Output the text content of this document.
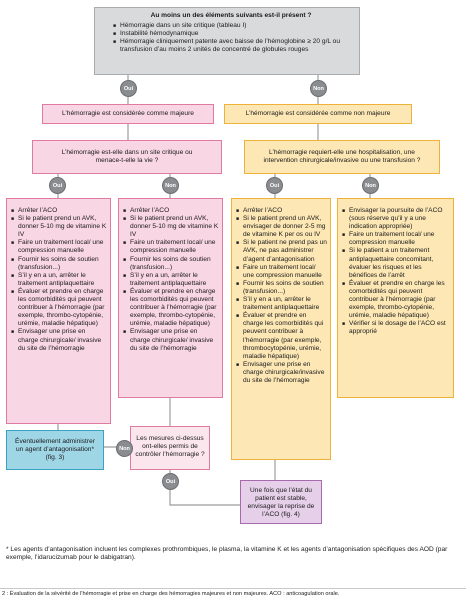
Au moins un des éléments suivants est-il présent ?
■ Hémorragie dans un site critique (tableau I)
■ Instabilité hémodynamique
■ Hémorragie cliniquement patente avec baisse de l’hémoglobine ≥ 20 g/L ou transfusion d’au moins 2 unités de concentré de globules rouges
Oui	Non
L’hémorragie est considérée comme majeure	L’hémorragie est considérée comme non majeure
L’hémorragie est-elle dans un site critique ou menace-t-elle la vie ?
L’hémorragie requiert-elle une hospitalisation, une intervention chirurgicale/invasive ou une transfusion ?
Oui	Non	Oui	Non
■ Arrêter l’ACO
■ Si le patient prend un AVK, donner 5-10 mg de vitamine K IV
■ Faire un traitement local/ une compression manuelle
■ Fournir les soins de soutien (transfusion...)
■ S’il y en a un, arrêter le traitement antiplaquettaire
■ Évaluer et prendre en charge les comorbidités qui peuvent contribuer à l’hémorragie (par exemple, thrombo-cytopénie, urémie, maladie hépatique)
■ Envisager une prise en charge chirurgicale/ invasive du site de l’hémorragie
■ Arrêter l’ACO
■ Si le patient prend un AVK, donner 5-10 mg de vitamine K IV
■ Faire un traitement local/ une compression manuelle
■ Fournir les soins de soutien (transfusion...)
■ S’il y en a un, arrêter le traitement antiplaquettaire
■ Évaluer et prendre en charge les comorbidités qui peuvent contribuer à l’hémorragie (par exemple, thrombo-cytopénie, urémie, maladie hépatique)
■ Envisager une prise en charge chirurgicale/ invasive du site de l’hémorragie
■ Arrêter l’ACO
■ Si le patient prend un AVK, envisager de donner 2-5 mg de vitamine K per os ou IV
■ Si le patient ne prend pas un AVK, ne pas administrer d’agent d’antagonisation
■ Faire un traitement local/ une compression manuelle
■ Fournir les soins de soutien (transfusion...)
■ S’il y en a un, arrêter le traitement antiplaquettaire
■ Évaluer et prendre en charge les comorbidités qui peuvent contribuer à l’hémorragie (par exemple, thrombocytopénie, urémie, maladie hépatique)
■ Envisager une prise en charge chirurgicale/invasive du site de l’hémorragie
■ Envisager la poursuite de l’ACO (sous réserve qu’il y a une indication appropriée)
■ Faire un traitement local/ une compression manuelle
■ Si le patient a un traitement antiplaquettaire concomitant, évaluer les risques et les bénéfices de l’arrêt
■ Évaluer et prendre en charge les comorbidités qui peuvent contribuer à l’hémorragie (par exemple, thrombo-cytopénie, urémie, maladie hépatique)
■ Vérifier si le dosage de l’ACO est approprié
Éventuellement administrer un agent d’antagonisation* (fig. 3)
Les mesures ci-dessus ont-elles permis de contrôler l’hémorragie ?
Non
Oui
Une fois que l’état du patient est stable, envisager la reprise de l’ACO (fig. 4)
* Les agents d’antagonisation incluent les complexes prothrombiques, le plasma, la vitamine K et les agents d’antagonisation spécifiques des AOD (par exemple, l’idarucizumab pour le dabigatran).
2 : Évaluation de la sévérité de l’hémorragie et prise en charge des hémorragies majeures et non majeures. ACO : anticoagulation orale.
